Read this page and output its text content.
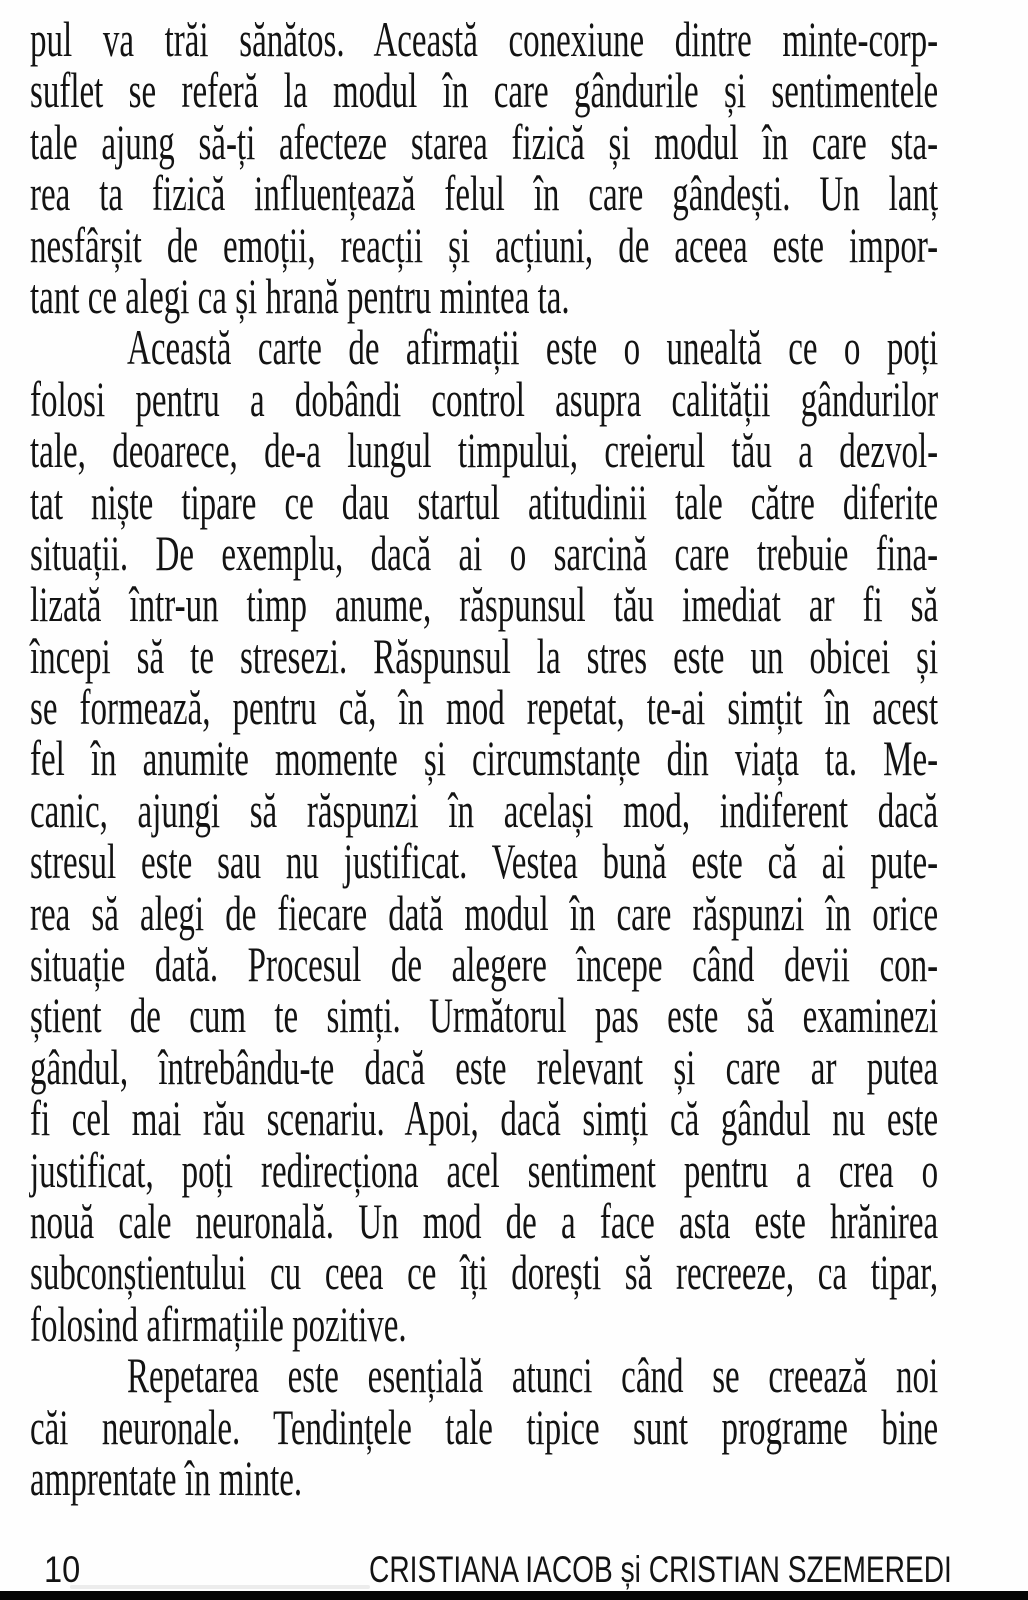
pul va trăi sănătos. Această conexiune dintre minte-corp-
suflet se referă la modul în care gândurile și sentimentele
tale ajung să-ți afecteze starea fizică și modul în care sta-
rea ta fizică influențează felul în care gândești. Un lanț
nesfârșit de emoții, reacții și acțiuni, de aceea este impor-
tant ce alegi ca și hrană pentru mintea ta.
Această carte de afirmații este o unealtă ce o poți
folosi pentru a dobândi control asupra calității gândurilor
tale, deoarece, de-a lungul timpului, creierul tău a dezvol-
tat niște tipare ce dau startul atitudinii tale către diferite
situații. De exemplu, dacă ai o sarcină care trebuie fina-
lizată într-un timp anume, răspunsul tău imediat ar fi să
începi să te stresezi. Răspunsul la stres este un obicei și
se formează, pentru că, în mod repetat, te-ai simțit în acest
fel în anumite momente și circumstanțe din viața ta. Me-
canic, ajungi să răspunzi în același mod, indiferent dacă
stresul este sau nu justificat. Vestea bună este că ai pute-
rea să alegi de fiecare dată modul în care răspunzi în orice
situație dată. Procesul de alegere începe când devii con-
știent de cum te simți. Următorul pas este să examinezi
gândul, întrebându-te dacă este relevant și care ar putea
fi cel mai rău scenariu. Apoi, dacă simți că gândul nu este
justificat, poți redirecționa acel sentiment pentru a crea o
nouă cale neuronală. Un mod de a face asta este hrănirea
subconștientului cu ceea ce îți dorești să recreeze, ca tipar,
folosind afirmațiile pozitive.
Repetarea este esențială atunci când se creează noi
căi neuronale. Tendințele tale tipice sunt programe bine
amprentate în minte.
10	CRISTIANA IACOB și CRISTIAN SZEMEREDI
